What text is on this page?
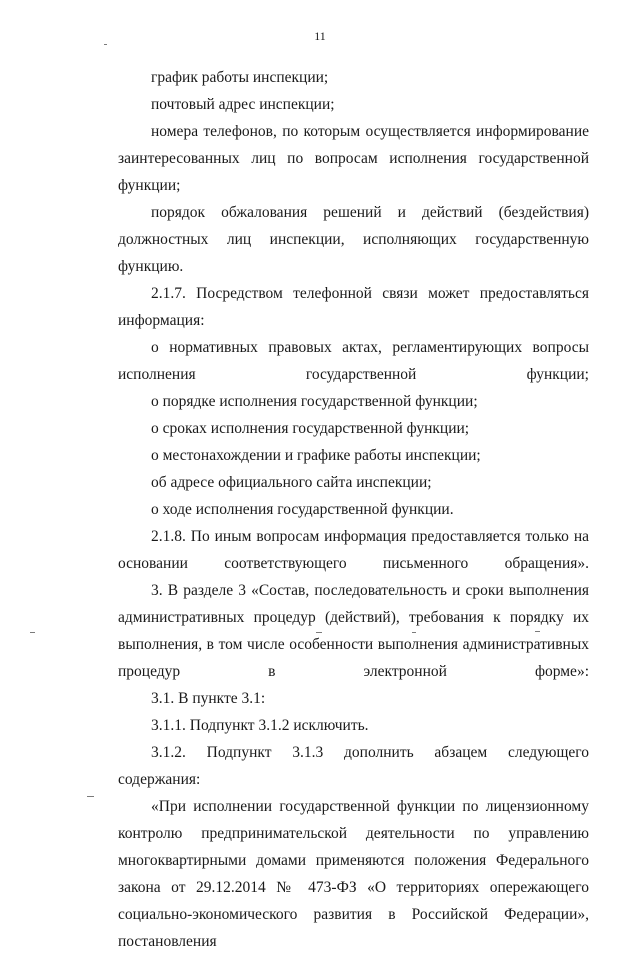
11

график работы инспекции;

почтовый адрес инспекции;

номера телефонов, по которым осуществляется информирование заинтересованных лиц по вопросам исполнения государственной функции;

порядок обжалования решений и действий (бездействия) должностных лиц инспекции, исполняющих государственную функцию.

2.1.7. Посредством телефонной связи может предоставляться информация:

о нормативных правовых актах, регламентирующих вопросы исполнения государственной функции;

о порядке исполнения государственной функции;

о сроках исполнения государственной функции;

о местонахождении и графике работы инспекции;

об адресе официального сайта инспекции;

о ходе исполнения государственной функции.

2.1.8. По иным вопросам информация предоставляется только на основании соответствующего письменного обращения».

3. В разделе 3 «Состав, последовательность и сроки выполнения административных процедур (действий), требования к порядку их выполнения, в том числе особенности выполнения административных процедур в электронной форме»:

3.1. В пункте 3.1:

3.1.1. Подпункт 3.1.2 исключить.

3.1.2. Подпункт 3.1.3 дополнить абзацем следующего содержания:

«При исполнении государственной функции по лицензионному контролю предпринимательской деятельности по управлению многоквартирными домами применяются положения Федерального закона от 29.12.2014 № 473-ФЗ «О территориях опережающего социально-экономического развития в Российской Федерации», постановления
